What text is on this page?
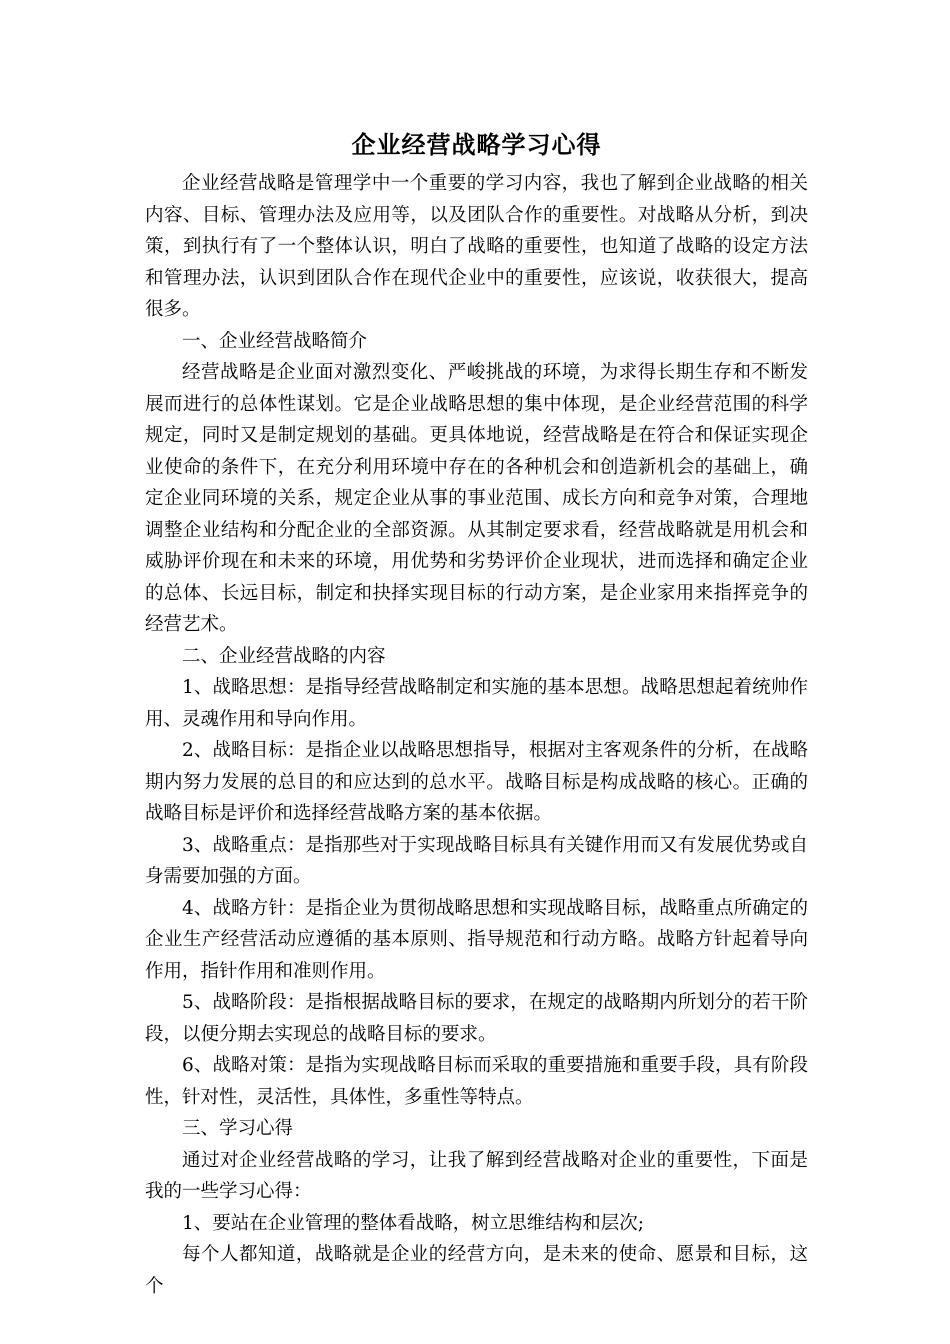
企业经营战略学习心得

企业经营战略是管理学中一个重要的学习内容，我也了解到企业战略的相关内容、目标、管理办法及应用等，以及团队合作的重要性。对战略从分析，到决策，到执行有了一个整体认识，明白了战略的重要性，也知道了战略的设定方法和管理办法，认识到团队合作在现代企业中的重要性，应该说，收获很大，提高很多。

一、企业经营战略简介

经营战略是企业面对激烈变化、严峻挑战的环境，为求得长期生存和不断发展而进行的总体性谋划。它是企业战略思想的集中体现，是企业经营范围的科学规定，同时又是制定规划的基础。更具体地说，经营战略是在符合和保证实现企业使命的条件下，在充分利用环境中存在的各种机会和创造新机会的基础上，确定企业同环境的关系，规定企业从事的事业范围、成长方向和竞争对策，合理地调整企业结构和分配企业的全部资源。从其制定要求看，经营战略就是用机会和威胁评价现在和未来的环境，用优势和劣势评价企业现状，进而选择和确定企业的总体、长远目标，制定和抉择实现目标的行动方案，是企业家用来指挥竞争的经营艺术。

二、企业经营战略的内容

1、战略思想：是指导经营战略制定和实施的基本思想。战略思想起着统帅作用、灵魂作用和导向作用。

2、战略目标：是指企业以战略思想指导，根据对主客观条件的分析，在战略期内努力发展的总目的和应达到的总水平。战略目标是构成战略的核心。正确的战略目标是评价和选择经营战略方案的基本依据。

3、战略重点：是指那些对于实现战略目标具有关键作用而又有发展优势或自身需要加强的方面。

4、战略方针：是指企业为贯彻战略思想和实现战略目标，战略重点所确定的企业生产经营活动应遵循的基本原则、指导规范和行动方略。战略方针起着导向作用，指针作用和准则作用。

5、战略阶段：是指根据战略目标的要求，在规定的战略期内所划分的若干阶段，以便分期去实现总的战略目标的要求。

6、战略对策：是指为实现战略目标而采取的重要措施和重要手段，具有阶段性，针对性，灵活性，具体性，多重性等特点。

三、学习心得

通过对企业经营战略的学习，让我了解到经营战略对企业的重要性，下面是我的一些学习心得：

1、要站在企业管理的整体看战略，树立思维结构和层次;

每个人都知道，战略就是企业的经营方向，是未来的使命、愿景和目标，这个
